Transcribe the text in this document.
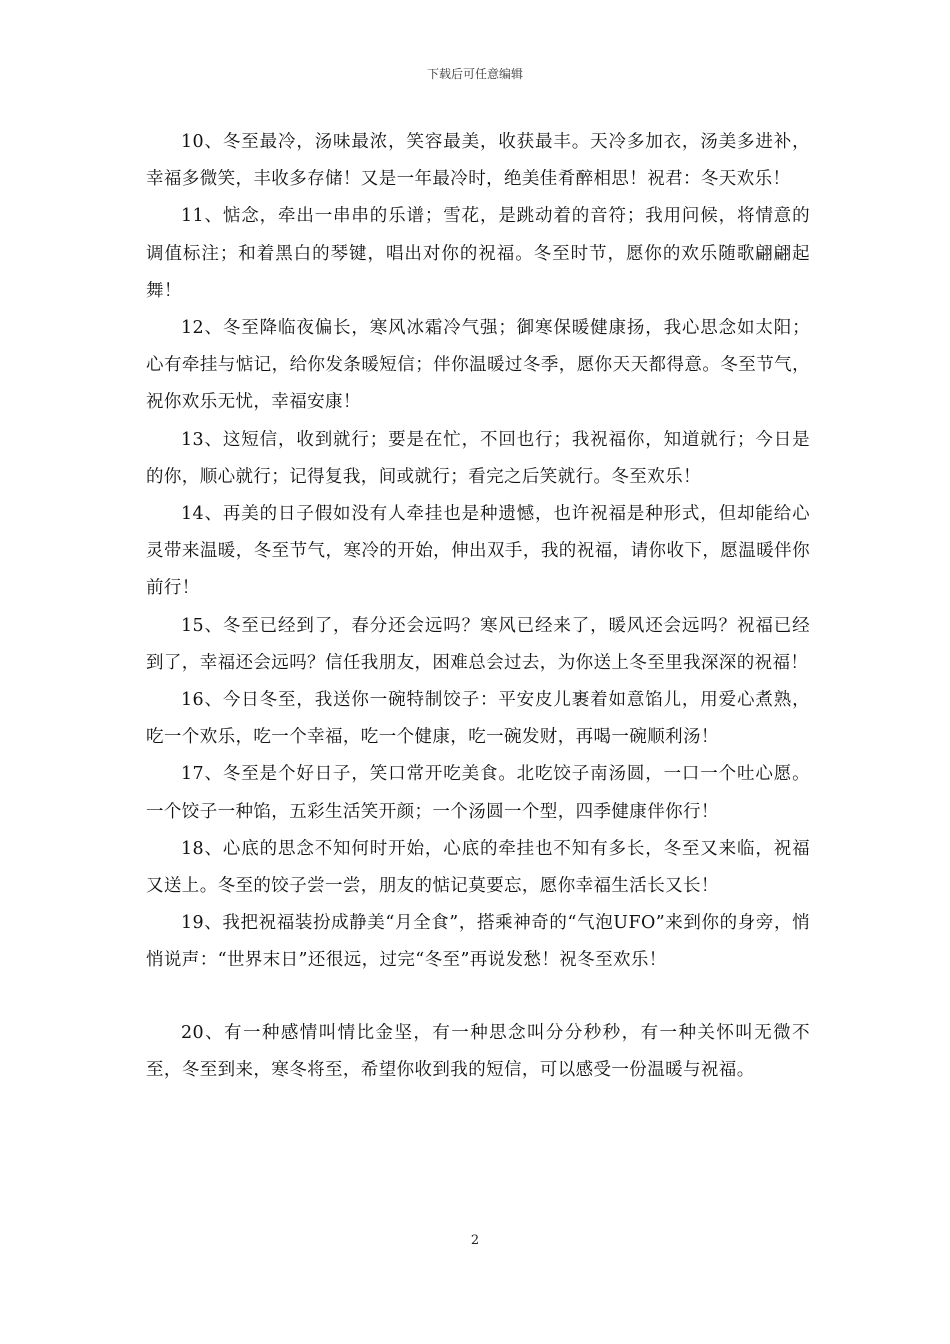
下载后可任意编辑

10、冬至最冷，汤味最浓，笑容最美，收获最丰。天冷多加衣，汤美多进补，幸福多微笑，丰收多存储！又是一年最冷时，绝美佳肴醉相思！祝君：冬天欢乐！

11、惦念，牵出一串串的乐谱；雪花，是跳动着的音符；我用问候，将情意的调值标注；和着黑白的琴键，唱出对你的祝福。冬至时节，愿你的欢乐随歌翩翩起舞！

12、冬至降临夜偏长，寒风冰霜冷气强；御寒保暖健康扬，我心思念如太阳；心有牵挂与惦记，给你发条暖短信；伴你温暖过冬季，愿你天天都得意。冬至节气，祝你欢乐无忧，幸福安康！

13、这短信，收到就行；要是在忙，不回也行；我祝福你，知道就行；今日是的你，顺心就行；记得复我，间或就行；看完之后笑就行。冬至欢乐！

14、再美的日子假如没有人牵挂也是种遗憾，也许祝福是种形式，但却能给心灵带来温暖，冬至节气，寒冷的开始，伸出双手，我的祝福，请你收下，愿温暖伴你前行！

15、冬至已经到了，春分还会远吗？寒风已经来了，暖风还会远吗？祝福已经到了，幸福还会远吗？信任我朋友，困难总会过去，为你送上冬至里我深深的祝福！

16、今日冬至，我送你一碗特制饺子：平安皮儿裹着如意馅儿，用爱心煮熟，吃一个欢乐，吃一个幸福，吃一个健康，吃一碗发财，再喝一碗顺利汤！

17、冬至是个好日子，笑口常开吃美食。北吃饺子南汤圆，一口一个吐心愿。一个饺子一种馅，五彩生活笑开颜；一个汤圆一个型，四季健康伴你行！

18、心底的思念不知何时开始，心底的牵挂也不知有多长，冬至又来临，祝福又送上。冬至的饺子尝一尝，朋友的惦记莫要忘，愿你幸福生活长又长！

19、我把祝福装扮成静美“月全食”，搭乘神奇的“气泡UFO”来到你的身旁，悄悄说声：“世界末日”还很远，过完“冬至”再说发愁！祝冬至欢乐！

20、有一种感情叫情比金坚，有一种思念叫分分秒秒，有一种关怀叫无微不至，冬至到来，寒冬将至，希望你收到我的短信，可以感受一份温暖与祝福。

2
